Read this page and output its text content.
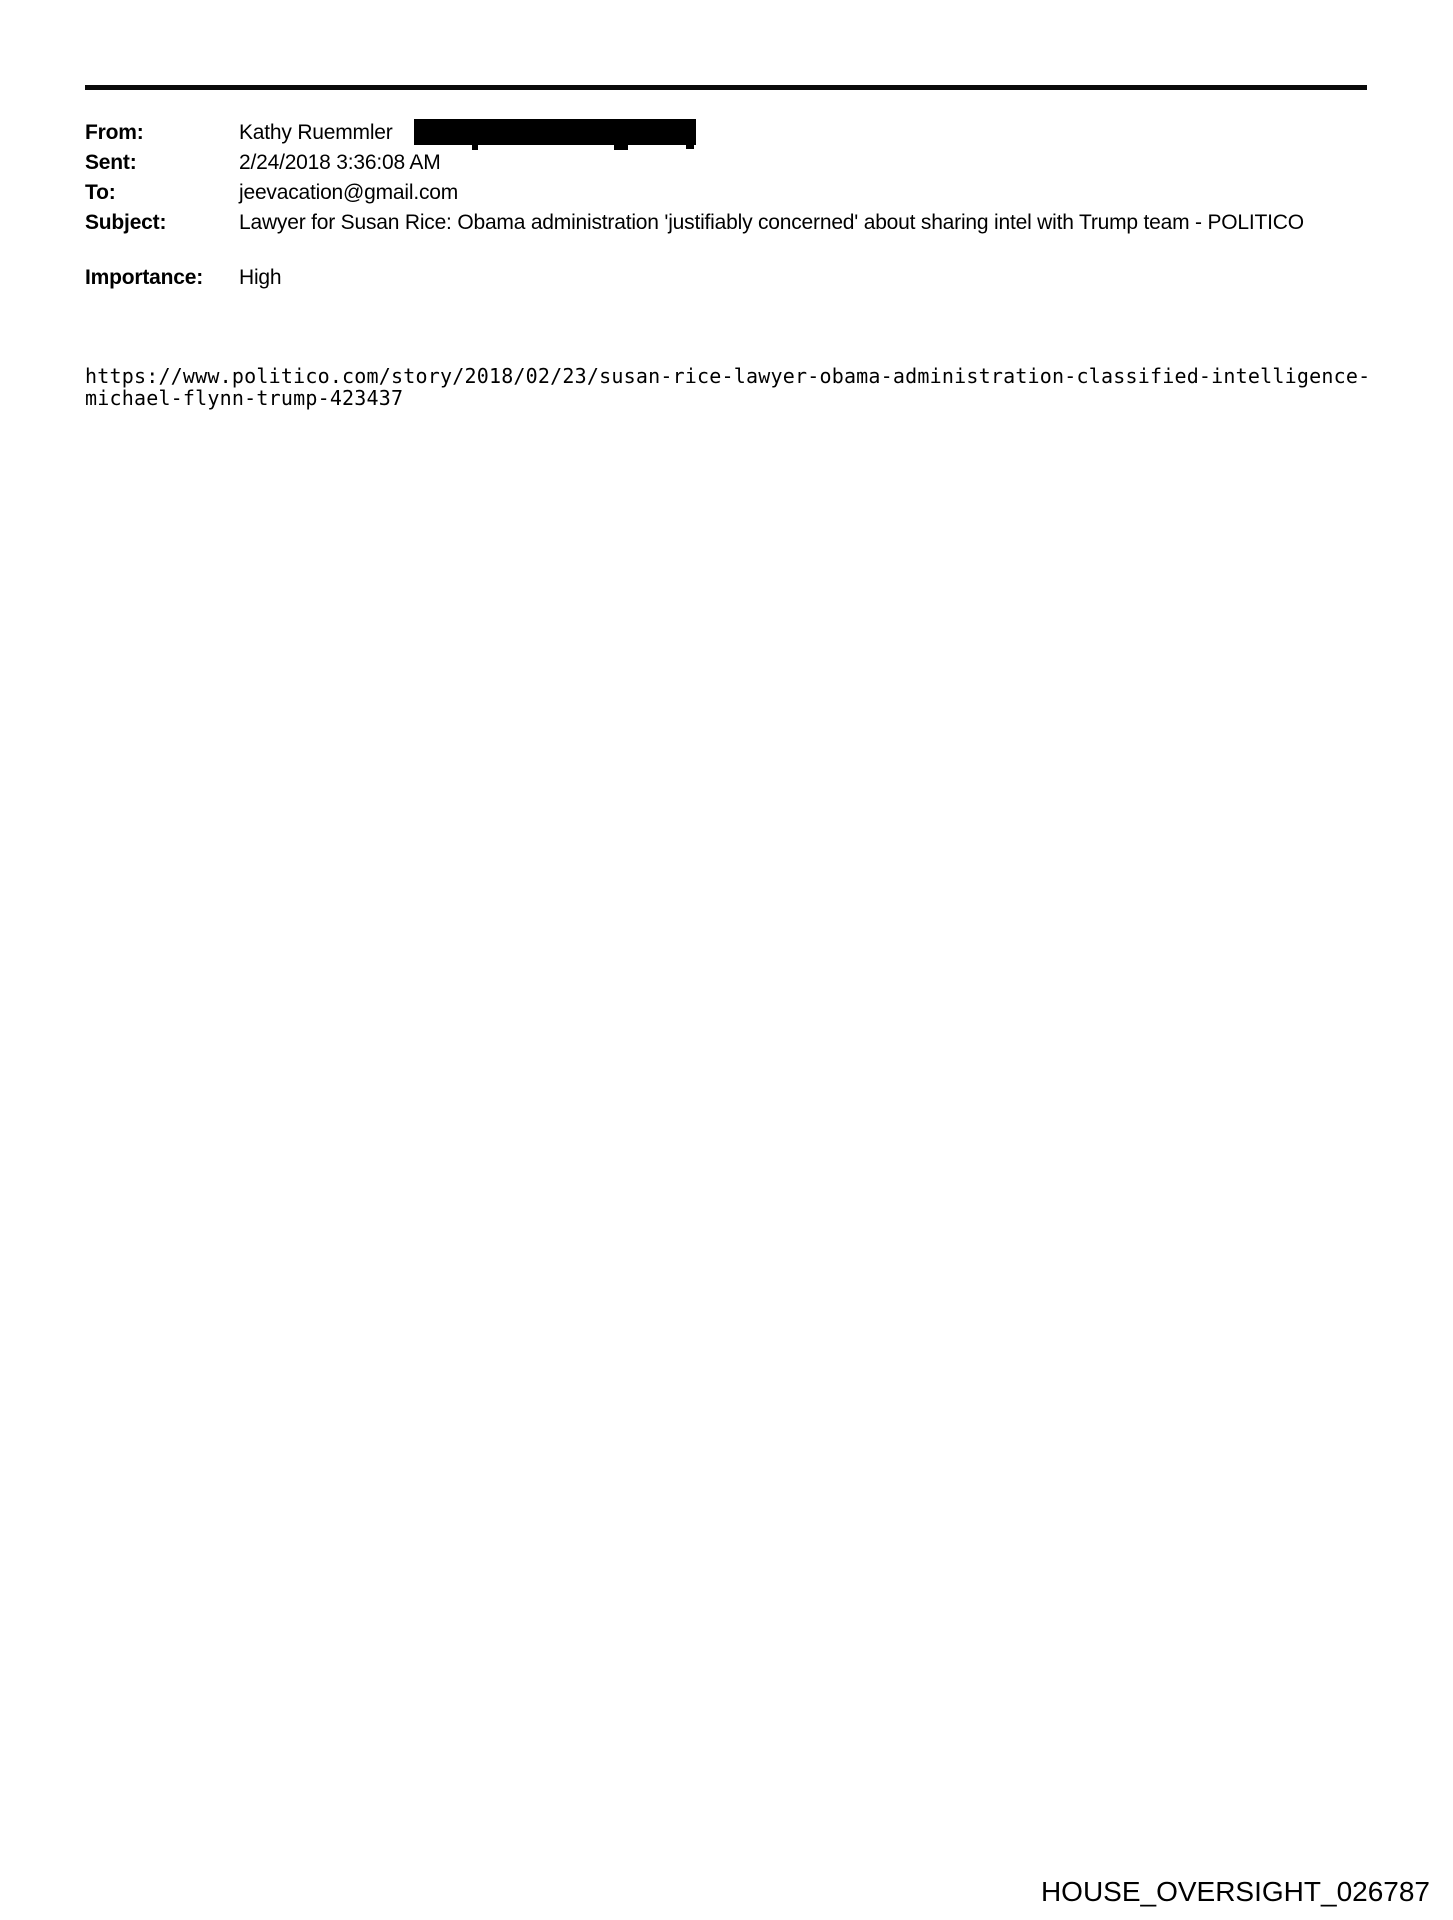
From:	Kathy Ruemmler
Sent:	2/24/2018 3:36:08 AM
To:	jeevacation@gmail.com
Subject:	Lawyer for Susan Rice: Obama administration 'justifiably concerned' about sharing intel with Trump team - POLITICO
Importance:	High
https://www.politico.com/story/2018/02/23/susan-rice-lawyer-obama-administration-classified-intelligence-
michael-flynn-trump-423437
HOUSE_OVERSIGHT_026787
